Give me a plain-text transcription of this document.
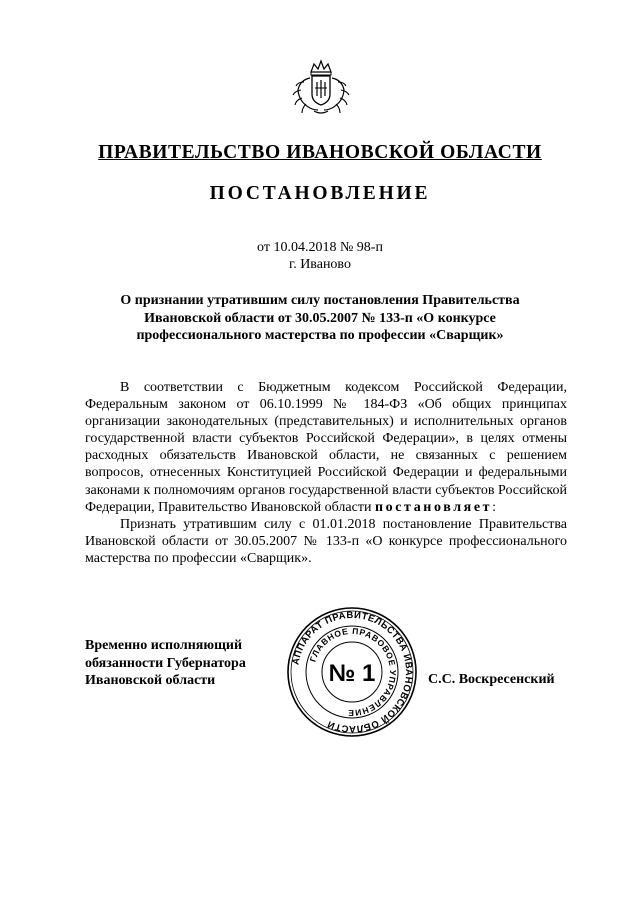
ПРАВИТЕЛЬСТВО ИВАНОВСКОЙ ОБЛАСТИ
ПОСТАНОВЛЕНИЕ
от 10.04.2018 № 98-п
г. Иваново
О признании утратившим силу постановления Правительства
Ивановской области от 30.05.2007 № 133-п «О конкурсе
профессионального мастерства по профессии «Сварщик»

В соответствии с Бюджетным кодексом Российской Федерации, Федеральным законом от 06.10.1999 № 184-ФЗ «Об общих принципах организации законодательных (представительных) и исполнительных органов государственной власти субъектов Российской Федерации», в целях отмены расходных обязательств Ивановской области, не связанных с решением вопросов, отнесенных Конституцией Российской Федерации и федеральными законами к полномочиям органов государственной власти субъектов Российской Федерации, Правительство Ивановской области постановляет:

Признать утратившим силу с 01.01.2018 постановление Правительства Ивановской области от 30.05.2007 № 133-п «О конкурсе профессионального мастерства по профессии «Сварщик».

Временно исполняющий
обязанности Губернатора
Ивановской области
АППАРАТ ПРАВИТЕЛЬСТВА ИВАНОВСКОЙ ОБЛАСТИ
ГЛАВНОЕ ПРАВОВОЕ УПРАВЛЕНИЕ
№ 1	С.С. Воскресенский
